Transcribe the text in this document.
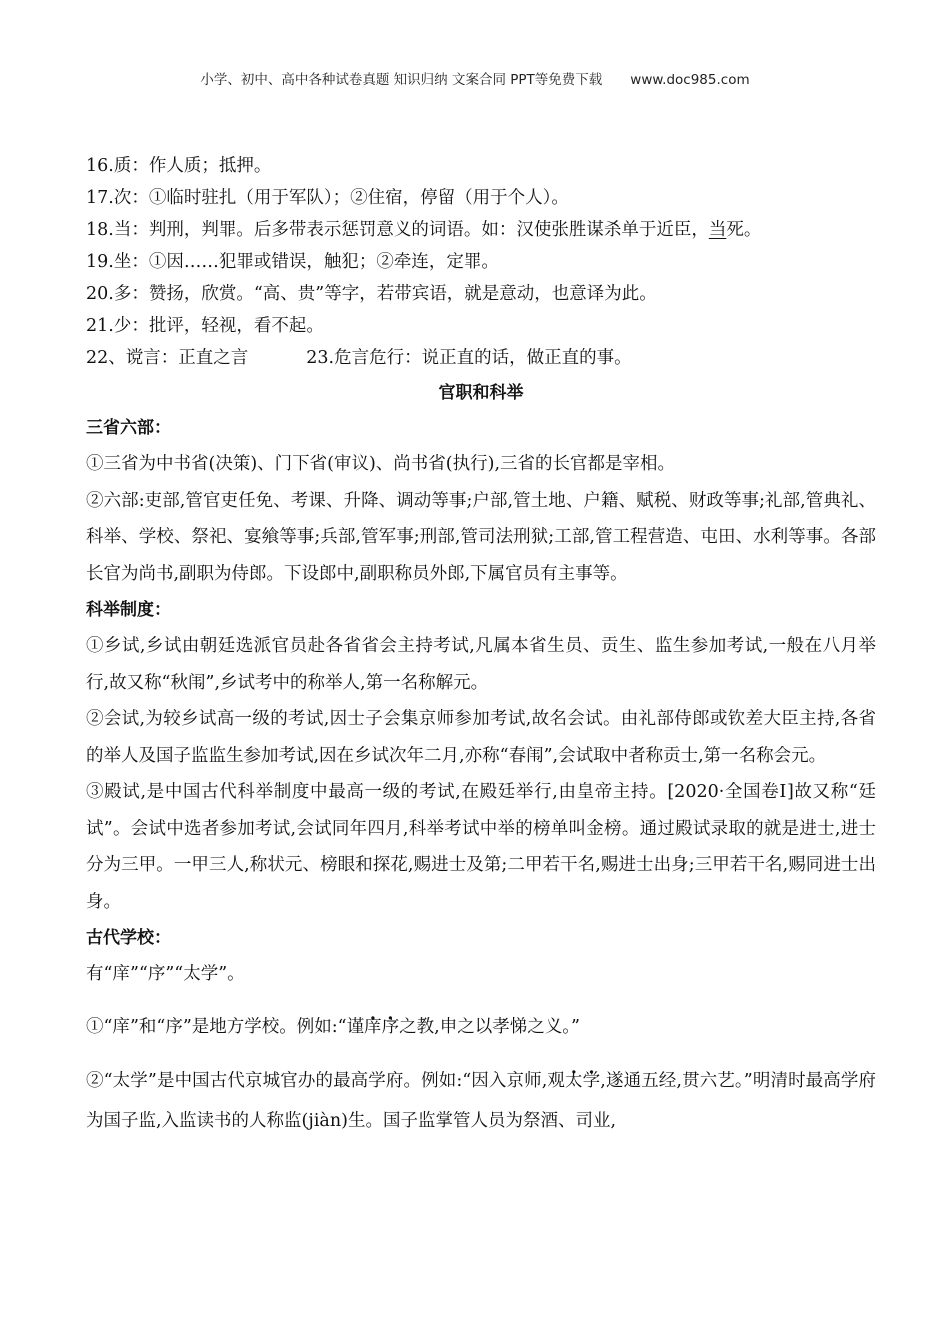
小学、初中、高中各种试卷真题 知识归纳 文案合同 PPT等免费下载 www.doc985.com
16.质：作人质；抵押。
17.次：①临时驻扎（用于军队）；②住宿，停留（用于个人）。
18.当：判刑，判罪。后多带表示惩罚意义的词语。如：汉使张胜谋杀单于近臣，当死。
19.坐：①因……犯罪或错误，触犯；②牵连，定罪。
20.多：赞扬，欣赏。“高、贵”等字，若带宾语，就是意动，也意译为此。
21.少：批评，轻视，看不起。
22、谠言：正直之言	23.危言危行：说正直的话，做正直的事。
官职和科举
三省六部：

①三省为中书省(决策)、门下省(审议)、尚书省(执行),三省的长官都是宰相。

②六部:吏部,管官吏任免、考课、升降、调动等事;户部,管土地、户籍、赋税、财政等事;礼部,管典礼、科举、学校、祭祀、宴飨等事;兵部,管军事;刑部,管司法刑狱;工部,管工程营造、屯田、水利等事。各部长官为尚书,副职为侍郎。下设郎中,副职称员外郎,下属官员有主事等。

科举制度：

①乡试,乡试由朝廷选派官员赴各省省会主持考试,凡属本省生员、贡生、监生参加考试,一般在八月举行,故又称“秋闱”,乡试考中的称举人,第一名称解元。

②会试,为较乡试高一级的考试,因士子会集京师参加考试,故名会试。由礼部侍郎或钦差大臣主持,各省的举人及国子监监生参加考试,因在乡试次年二月,亦称“春闱”,会试取中者称贡士,第一名称会元。

③殿试,是中国古代科举制度中最高一级的考试,在殿廷举行,由皇帝主持。[2020·全国卷Ⅰ]故又称“廷试”。会试中选者参加考试,会试同年四月,科举考试中举的榜单叫金榜。通过殿试录取的就是进士,进士分为三甲。一甲三人,称状元、榜眼和探花,赐进士及第;二甲若干名,赐进士出身;三甲若干名,赐同进士出身。

古代学校：

有“庠”“序”“太学”。

①“庠”和“序”是地方学校。例如:“谨庠序之教,申之以孝悌之义。”

②“太学”是中国古代京城官办的最高学府。例如:“因入京师,观太学,遂通五经,贯六艺。”明清时最高学府为国子监,入监读书的人称监(jiàn)生。国子监掌管人员为祭酒、司业,
